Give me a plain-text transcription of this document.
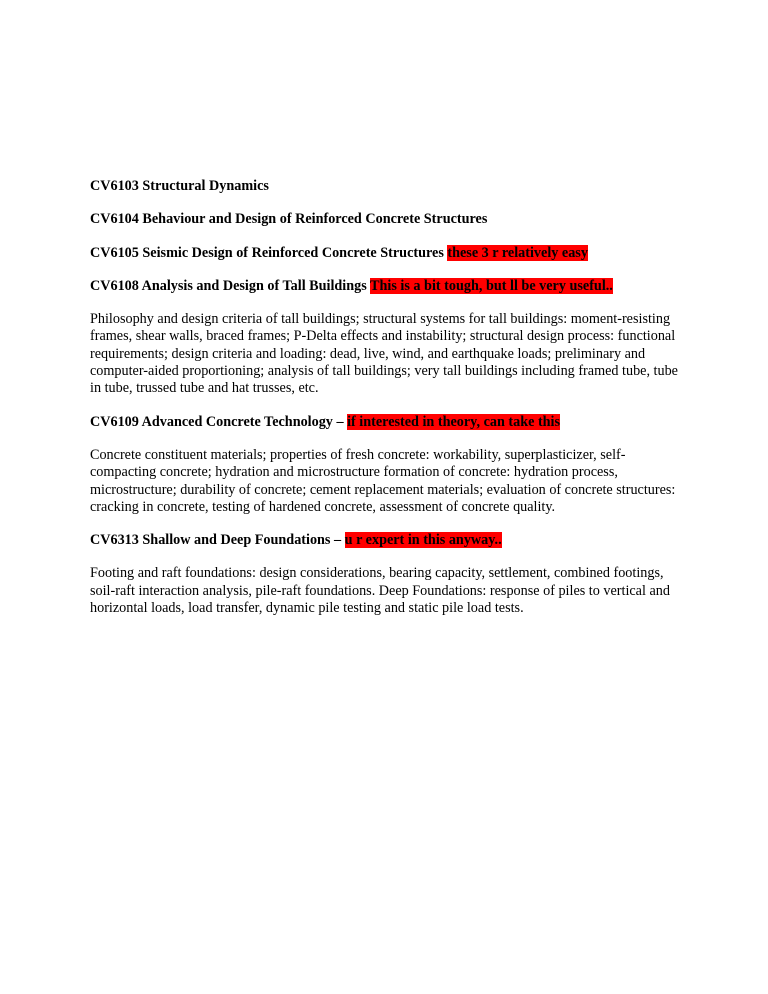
CV6103 Structural Dynamics

CV6104 Behaviour and Design of Reinforced Concrete Structures

CV6105 Seismic Design of Reinforced Concrete Structures these 3 r relatively easy

CV6108 Analysis and Design of Tall Buildings This is a bit tough, but ll be very useful..

Philosophy and design criteria of tall buildings; structural systems for tall buildings: moment-resisting frames, shear walls, braced frames; P-Delta effects and instability; structural design process: functional requirements; design criteria and loading: dead, live, wind, and earthquake loads; preliminary and computer-aided proportioning; analysis of tall buildings; very tall buildings including framed tube, tube in tube, trussed tube and hat trusses, etc.

CV6109 Advanced Concrete Technology – if interested in theory, can take this

Concrete constituent materials; properties of fresh concrete: workability, superplasticizer, self-compacting concrete; hydration and microstructure formation of concrete: hydration process, microstructure; durability of concrete; cement replacement materials; evaluation of concrete structures: cracking in concrete, testing of hardened concrete, assessment of concrete quality.

CV6313 Shallow and Deep Foundations – u r expert in this anyway..

Footing and raft foundations: design considerations, bearing capacity, settlement, combined footings, soil-raft interaction analysis, pile-raft foundations. Deep Foundations: response of piles to vertical and horizontal loads, load transfer, dynamic pile testing and static pile load tests.
